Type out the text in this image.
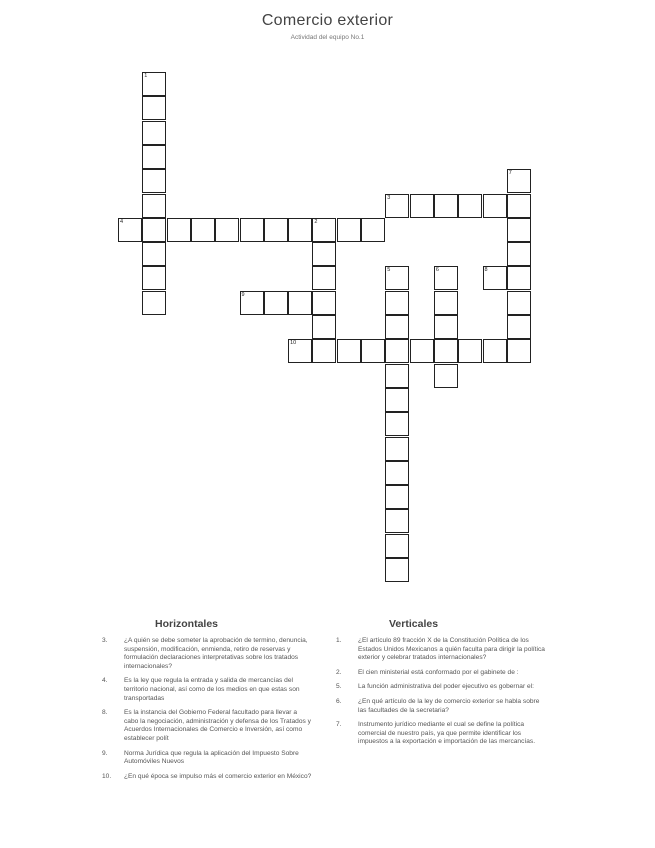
Comercio exterior
Actividad del equipo No.1
1
3
4	2
5	6	8
9
10
7
Horizontales	Verticales
3.	¿A quién se debe someter la aprobación de termino, denuncia, suspensión, modificación, enmienda, retiro de reservas y formulación declaraciones interpretativas sobre los tratados internacionales?
4.	Es la ley que regula la entrada y salida de mercancías del territorio nacional, así como de los medios en que estas son transportadas
8.	Es la instancia del Gobierno Federal facultado para llevar a cabo la negociación, administración y defensa de los Tratados y Acuerdos Internacionales de Comercio e Inversión, así como establecer polít
9.	Norma Jurídica que regula la aplicación del Impuesto Sobre Automóviles Nuevos
10.	¿En qué época se impulso más el comercio exterior en México?
1.	¿El artículo 89 fracción X de la Constitución Política de los Estados Unidos Mexicanos a quién faculta para dirigir la política exterior y celebrar tratados internacionales?
2.	El cien ministerial está conformado por el gabinete de :
5.	La función administrativa del poder ejecutivo es gobernar el:
6.	¿En qué artículo de la ley de comercio exterior se habla sobre las facultades de la secretaria?
7.	Instrumento jurídico mediante el cual se define la política comercial de nuestro país, ya que permite identificar los impuestos a la exportación e importación de las mercancías.
